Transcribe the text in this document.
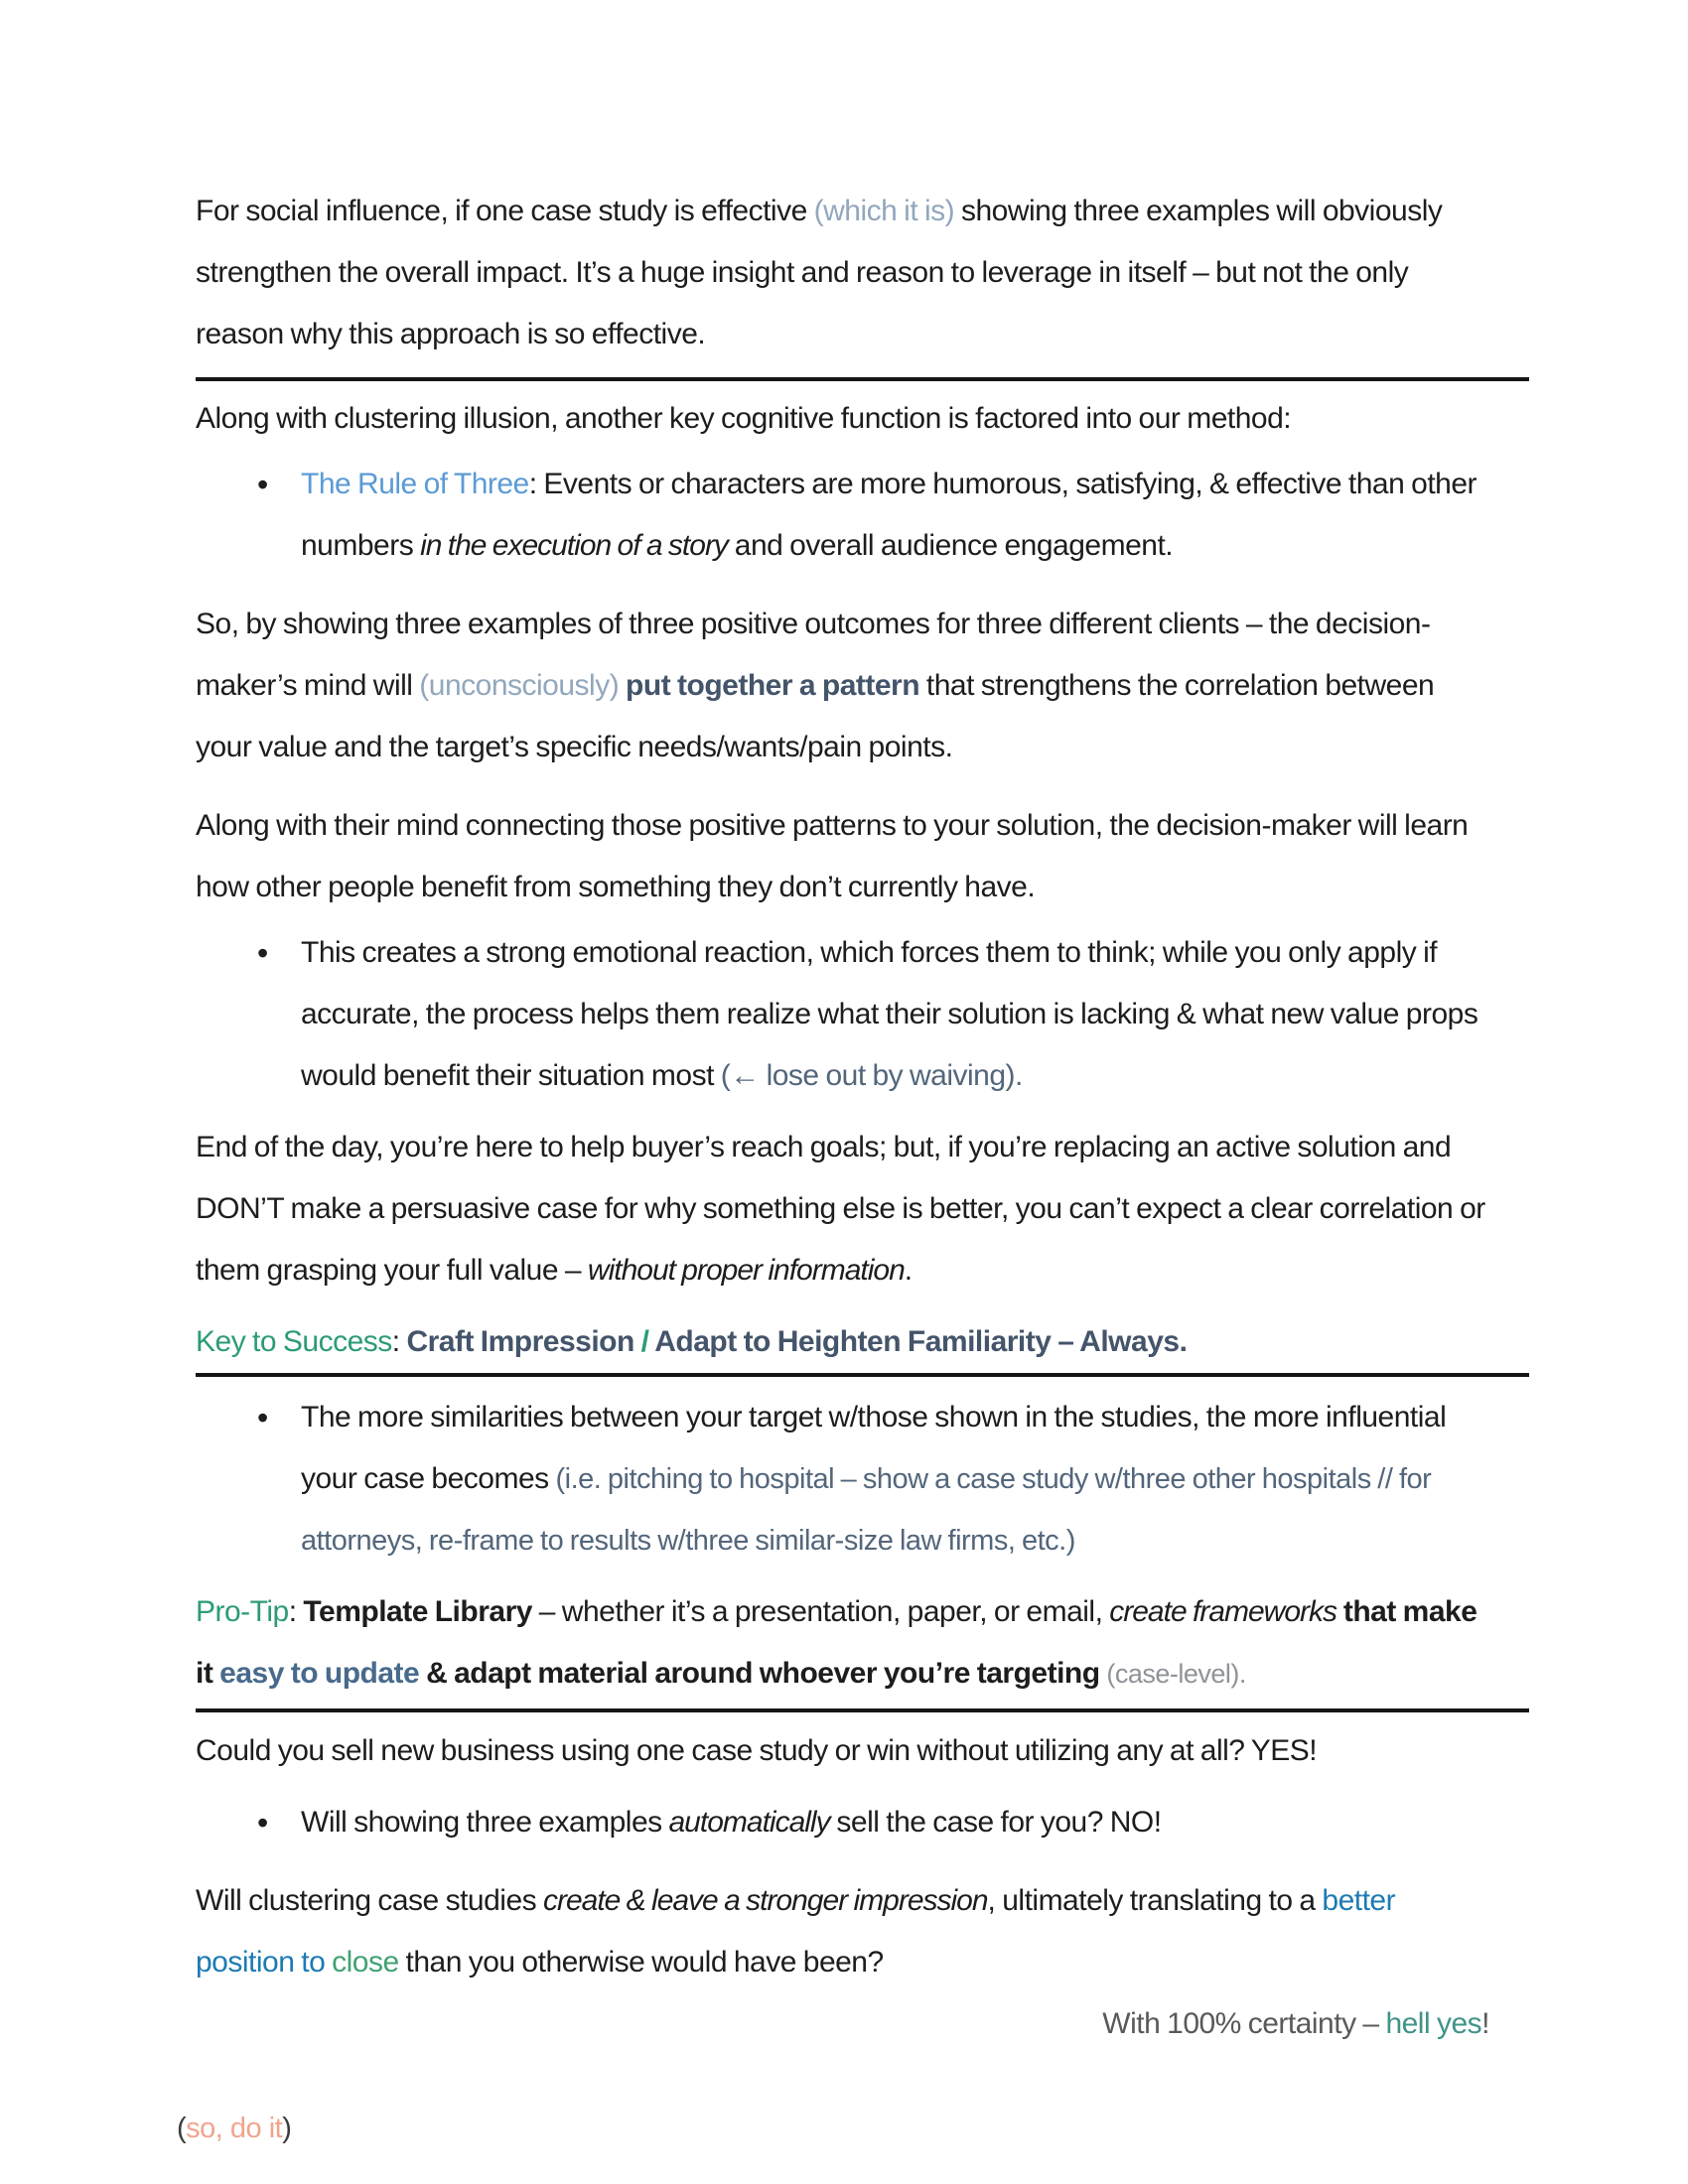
For social influence, if one case study is effective (which it is) showing three examples will obviously strengthen the overall impact. It’s a huge insight and reason to leverage in itself – but not the only reason why this approach is so effective.

Along with clustering illusion, another key cognitive function is factored into our method:

• The Rule of Three: Events or characters are more humorous, satisfying, & effective than other numbers in the execution of a story and overall audience engagement.

So, by showing three examples of three positive outcomes for three different clients – the decision-maker’s mind will (unconsciously) put together a pattern that strengthens the correlation between your value and the target’s specific needs/wants/pain points.

Along with their mind connecting those positive patterns to your solution, the decision-maker will learn how other people benefit from something they don’t currently have.

• This creates a strong emotional reaction, which forces them to think; while you only apply if accurate, the process helps them realize what their solution is lacking & what new value props would benefit their situation most (← lose out by waiving).

End of the day, you’re here to help buyer’s reach goals; but, if you’re replacing an active solution and DON’T make a persuasive case for why something else is better, you can’t expect a clear correlation or them grasping your full value – without proper information.

Key to Success: Craft Impression / Adapt to Heighten Familiarity – Always.

• The more similarities between your target w/those shown in the studies, the more influential your case becomes (i.e. pitching to hospital – show a case study w/three other hospitals // for attorneys, re-frame to results w/three similar-size law firms, etc.)

Pro-Tip: Template Library – whether it’s a presentation, paper, or email, create frameworks that make it easy to update & adapt material around whoever you’re targeting (case-level).

Could you sell new business using one case study or win without utilizing any at all? YES!

• Will showing three examples automatically sell the case for you? NO!

Will clustering case studies create & leave a stronger impression, ultimately translating to a better position to close than you otherwise would have been?

With 100% certainty – hell yes!

(so, do it)
